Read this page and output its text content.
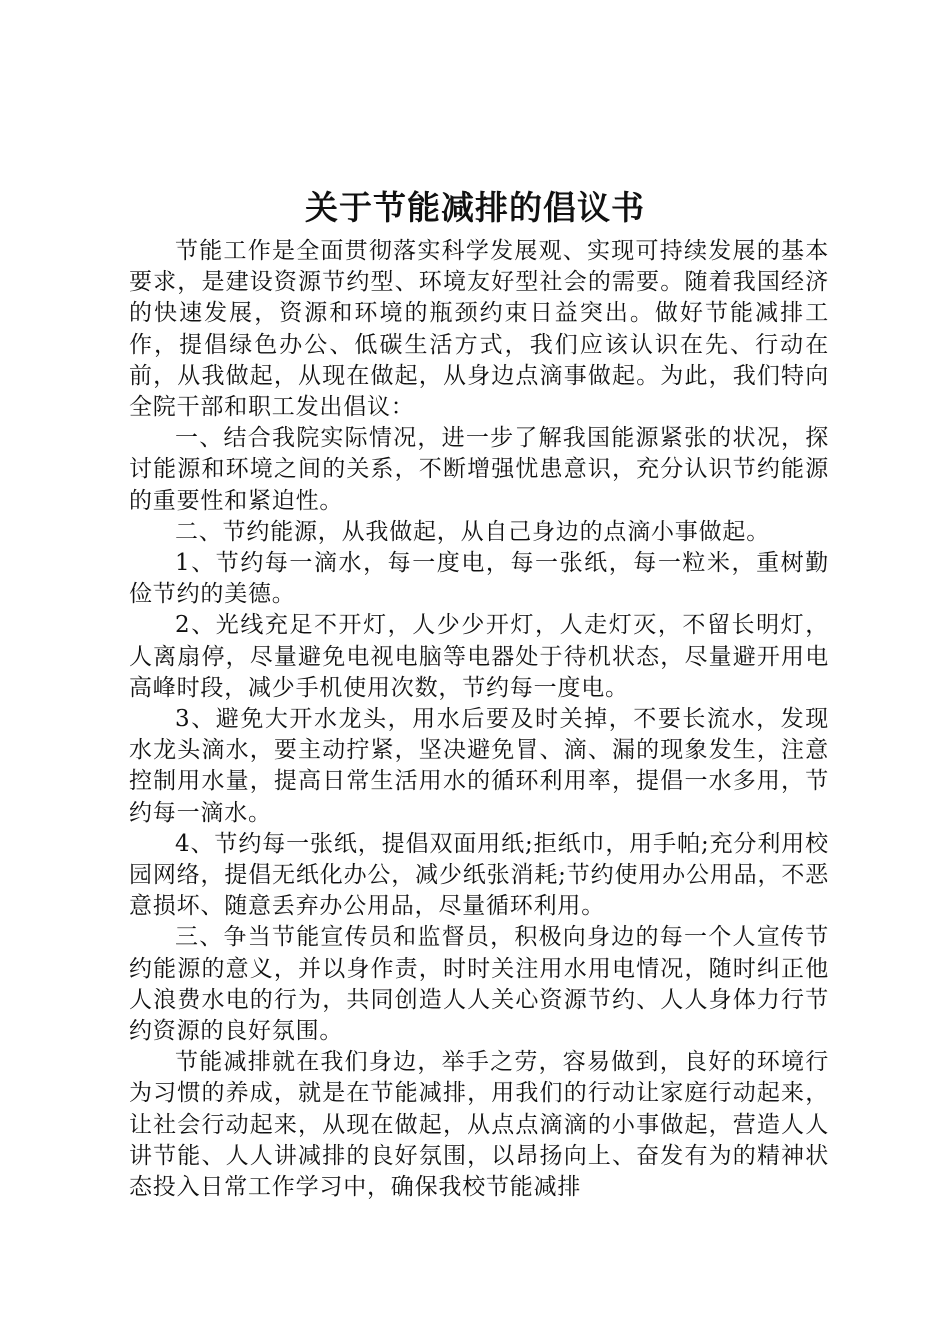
关于节能减排的倡议书

节能工作是全面贯彻落实科学发展观、实现可持续发展的基本要求，是建设资源节约型、环境友好型社会的需要。随着我国经济的快速发展，资源和环境的瓶颈约束日益突出。做好节能减排工作，提倡绿色办公、低碳生活方式，我们应该认识在先、行动在前，从我做起，从现在做起，从身边点滴事做起。为此，我们特向全院干部和职工发出倡议：

一、结合我院实际情况，进一步了解我国能源紧张的状况，探讨能源和环境之间的关系，不断增强忧患意识，充分认识节约能源的重要性和紧迫性。

二、节约能源，从我做起，从自己身边的点滴小事做起。

1、节约每一滴水，每一度电，每一张纸，每一粒米，重树勤俭节约的美德。

2、光线充足不开灯，人少少开灯，人走灯灭，不留长明灯，人离扇停，尽量避免电视电脑等电器处于待机状态，尽量避开用电高峰时段，减少手机使用次数，节约每一度电。

3、避免大开水龙头，用水后要及时关掉，不要长流水，发现水龙头滴水，要主动拧紧，坚决避免冒、滴、漏的现象发生，注意控制用水量，提高日常生活用水的循环利用率，提倡一水多用，节约每一滴水。

4、节约每一张纸，提倡双面用纸;拒纸巾，用手帕;充分利用校园网络，提倡无纸化办公，减少纸张消耗;节约使用办公用品，不恶意损坏、随意丢弃办公用品，尽量循环利用。

三、争当节能宣传员和监督员，积极向身边的每一个人宣传节约能源的意义，并以身作责，时时关注用水用电情况，随时纠正他人浪费水电的行为，共同创造人人关心资源节约、人人身体力行节约资源的良好氛围。

节能减排就在我们身边，举手之劳，容易做到，良好的环境行为习惯的养成，就是在节能减排，用我们的行动让家庭行动起来，让社会行动起来，从现在做起，从点点滴滴的小事做起，营造人人讲节能、人人讲减排的良好氛围，以昂扬向上、奋发有为的精神状态投入日常工作学习中，确保我校节能减排
